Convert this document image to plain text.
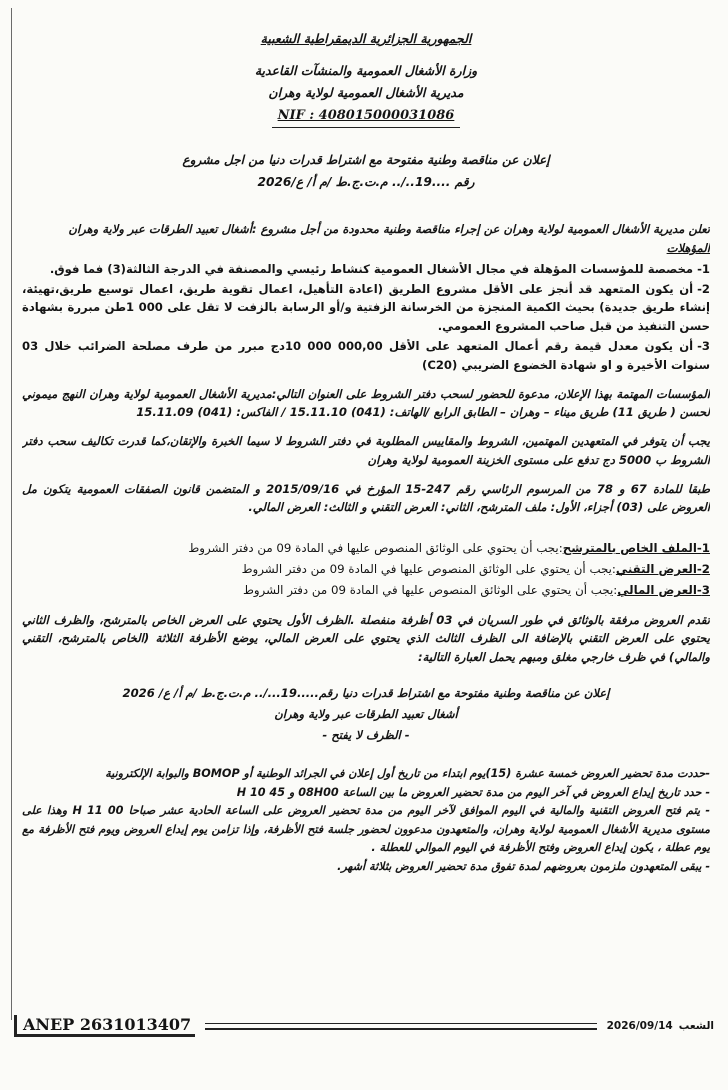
الجمهورية الجزائرية الديمقراطية الشعبية
وزارة الأشغال العمومية والمنشآت القاعدية
مديرية الأشغال العمومية لولاية وهران
NIF : 408015000031086
إعلان عن مناقصة وطنية مفتوحة مع اشتراط قدرات دنيا من اجل مشروع
رقم ....19../.. م.ت.ج.ط /م أ/ ع/2026
تعلن مديرية الأشغال العمومية لولاية وهران عن إجراء مناقصة وطنية محدودة من أجل مشروع :أشغال تعبيد الطرقات عبر ولاية وهران
المؤهلات
1-مخصصة للمؤسسات المؤهلة في مجال الأشغال العمومية كنشاط رئيسي والمصنفة في الدرجة الثالثة(3) فما فوق.
2-أن يكون المتعهد قد أنجز على الأقل مشروع الطريق (اعادة التأهيل، اعمال تقوية طريق، اعمال توسيع طريق،تهيئة، إنشاء طريق جديدة) بحيث الكمية المنجزة من الخرسانة الزفتية و/أو الرسابة بالزفت لا تقل على 000 1طن مبررة بشهادة حسن التنفيذ من قبل صاحب المشروع العمومي.
3-أن يكون معدل قيمة رقم أعمال المتعهد على الأقل 000,00 000 10دج مبرر من طرف مصلحة الضرائب خلال 03 سنوات الأخيرة و او شهادة الخضوع الضريبي (C20)
المؤسسات المهتمة بهذا الإعلان، مدعوة للحضور لسحب دفتر الشروط على العنوان التالي:مديرية الأشغال العمومية لولاية وهران النهج ميموني لحسن ( طريق 11) طريق ميناء – وهران – الطابق الرابع /الهاتف: (041) 15.11.10 / الفاكس: (041) 15.11.09
يجب أن يتوفر في المتعهدين المهتمين، الشروط والمقاييس المطلوبة في دفتر الشروط لا سيما الخبرة والإتقان،كما قدرت تكاليف سحب دفتر الشروط ب 5000 دج تدفع على مستوى الخزينة العمومية لولاية وهران
طبقا للمادة 67 و 78 من المرسوم الرئاسي رقم 247-15 المؤرخ في 2015/09/16 و المتضمن قانون الصفقات العمومية يتكون مل العروض على (03) أجزاء، الأول: ملف المترشح، الثاني: العرض التقني و الثالث: العرض المالي.
1-الملف الخاص بالمترشح:يجب أن يحتوي على الوثائق المنصوص عليها في المادة 09 من دفتر الشروط
2-العرض التقني:يجب أن يحتوي على الوثائق المنصوص عليها في المادة 09 من دفتر الشروط
3-العرض المالي:يجب أن يحتوي على الوثائق المنصوص عليها في المادة 09 من دفتر الشروط
تقدم العروض مرفقة بالوثائق في طور السريان في 03 أظرفة منفصلة .الظرف الأول يحتوي على العرض الخاص بالمترشح، والظرف الثاني يحتوي على العرض التقني بالإضافة الى الظرف الثالث الذي يحتوي على العرض المالي، يوضع الأظرفة الثلاثة (الخاص بالمترشح، التقني والمالي) في ظرف خارجي مغلق ومبهم يحمل العبارة التالية:
إعلان عن مناقصة وطنية مفتوحة مع اشتراط قدرات دنيا رقم.....19.../.. م.ت.ج.ط /م أ/ ع/ 2026
أشغال تعبيد الطرقات عبر ولاية وهران
- الظرف لا يفتح -
-حددت مدة تحضير العروض خمسة عشرة (15)يوم ابتداء من تاريخ أول إعلان في الجرائد الوطنية أو BOMOP والبوابة الإلكترونية
- حدد تاريخ إيداع العروض في آخر اليوم من مدة تحضير العروض ما بين الساعة 08H00 و 45 H 10
- يتم فتح العروض التقنية والمالية في اليوم الموافق لآخر اليوم من مدة تحضير العروض على الساعة الحادية عشر صباحا 00 H 11 وهذا على مستوى مديرية الأشغال العمومية لولاية وهران، والمتعهدون مدعوون لحضور جلسة فتح الأظرفة، وإذا تزامن يوم إيداع العروض ويوم فتح الأظرفة مع يوم عطلة ، يكون إيداع العروض وفتح الأظرفة في اليوم الموالي للعطلة .
- يبقى المتعهدون ملزمون بعروضهم لمدة تفوق مدة تحضير العروض بثلاثة أشهر.
ANEP 2631013407	2026/09/14 الشعب
